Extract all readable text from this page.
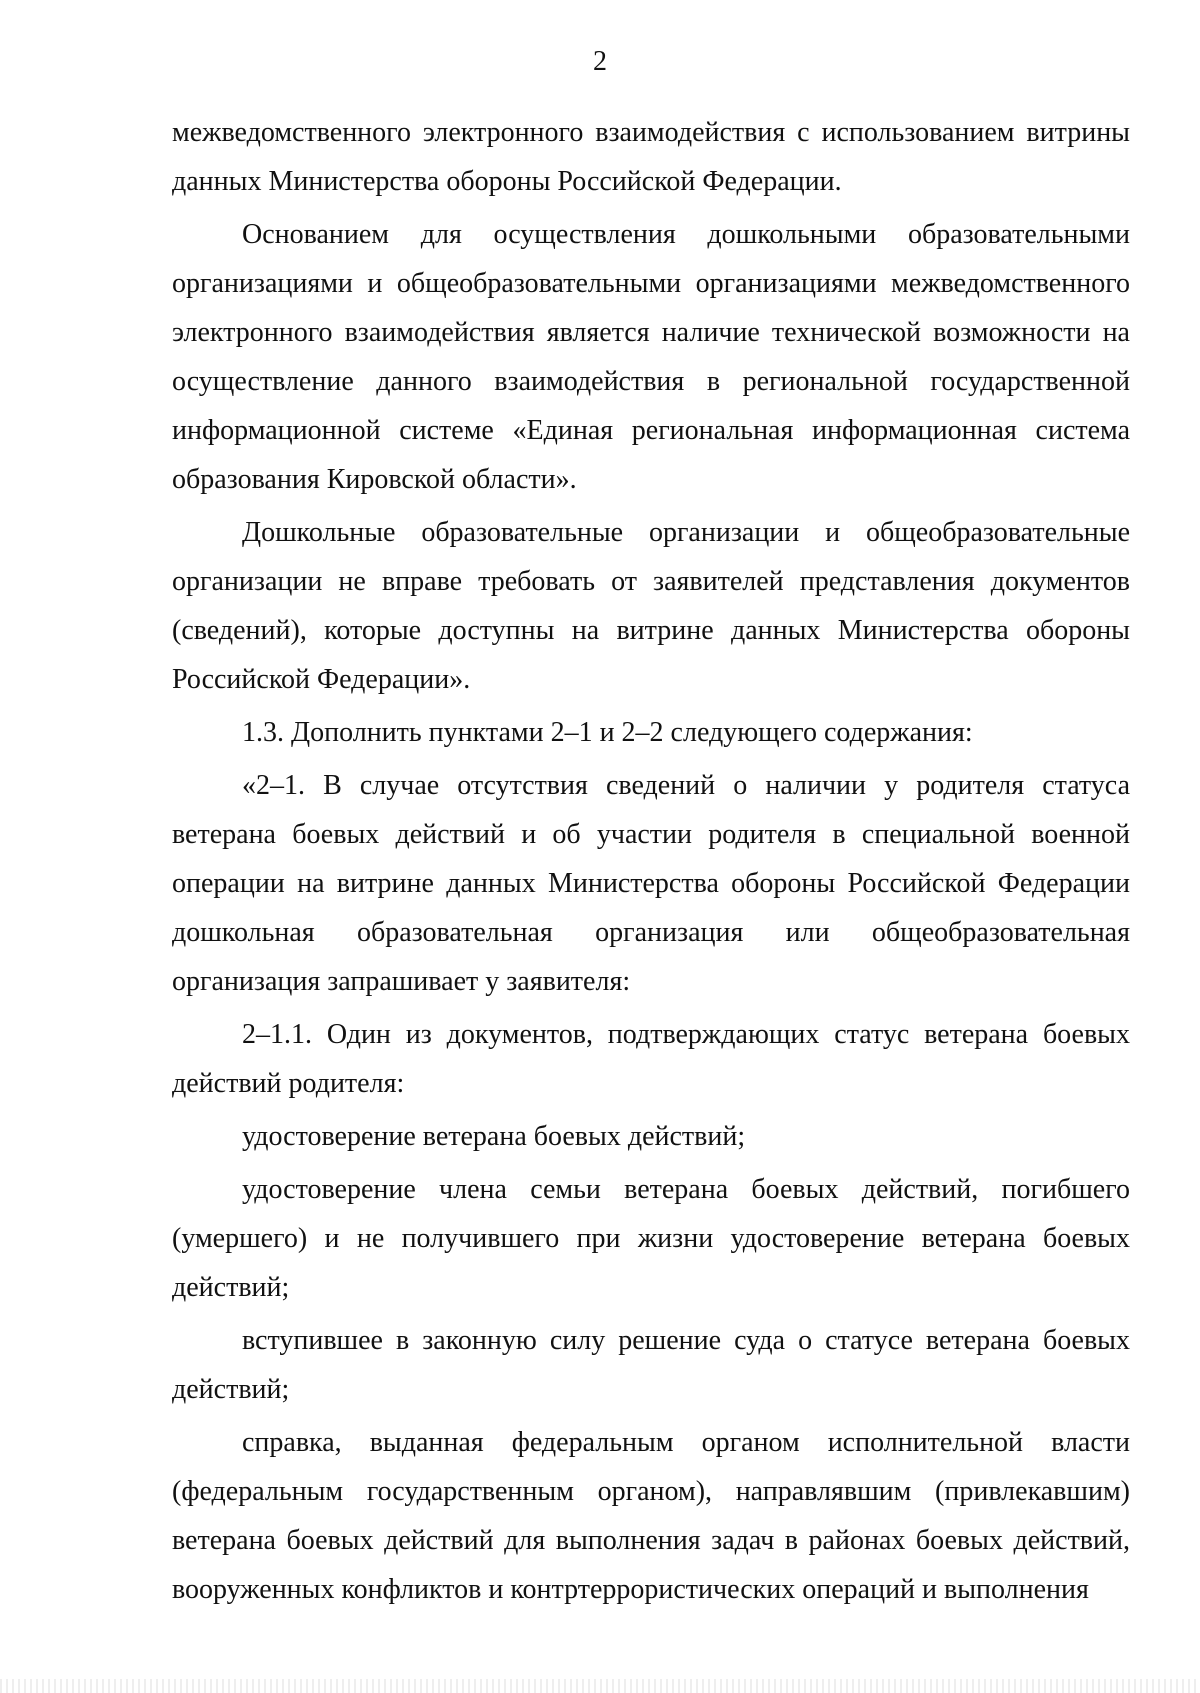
2

межведомственного электронного взаимодействия с использованием витрины данных Министерства обороны Российской Федерации.

Основанием для осуществления дошкольными образовательными организациями и общеобразовательными организациями межведомственного электронного взаимодействия является наличие технической возможности на осуществление данного взаимодействия в региональной государственной информационной системе «Единая региональная информационная система образования Кировской области».

Дошкольные образовательные организации и общеобразовательные организации не вправе требовать от заявителей представления документов (сведений), которые доступны на витрине данных Министерства обороны Российской Федерации».

1.3. Дополнить пунктами 2–1 и 2–2 следующего содержания:

«2–1. В случае отсутствия сведений о наличии у родителя статуса ветерана боевых действий и об участии родителя в специальной военной операции на витрине данных Министерства обороны Российской Федерации дошкольная образовательная организация или общеобразовательная организация запрашивает у заявителя:

2–1.1. Один из документов, подтверждающих статус ветерана боевых действий родителя:

удостоверение ветерана боевых действий;

удостоверение члена семьи ветерана боевых действий, погибшего (умершего) и не получившего при жизни удостоверение ветерана боевых действий;

вступившее в законную силу решение суда о статусе ветерана боевых действий;

справка, выданная федеральным органом исполнительной власти (федеральным государственным органом), направлявшим (привлекавшим) ветерана боевых действий для выполнения задач в районах боевых действий, вооруженных конфликтов и контртеррористических операций и выполнения
